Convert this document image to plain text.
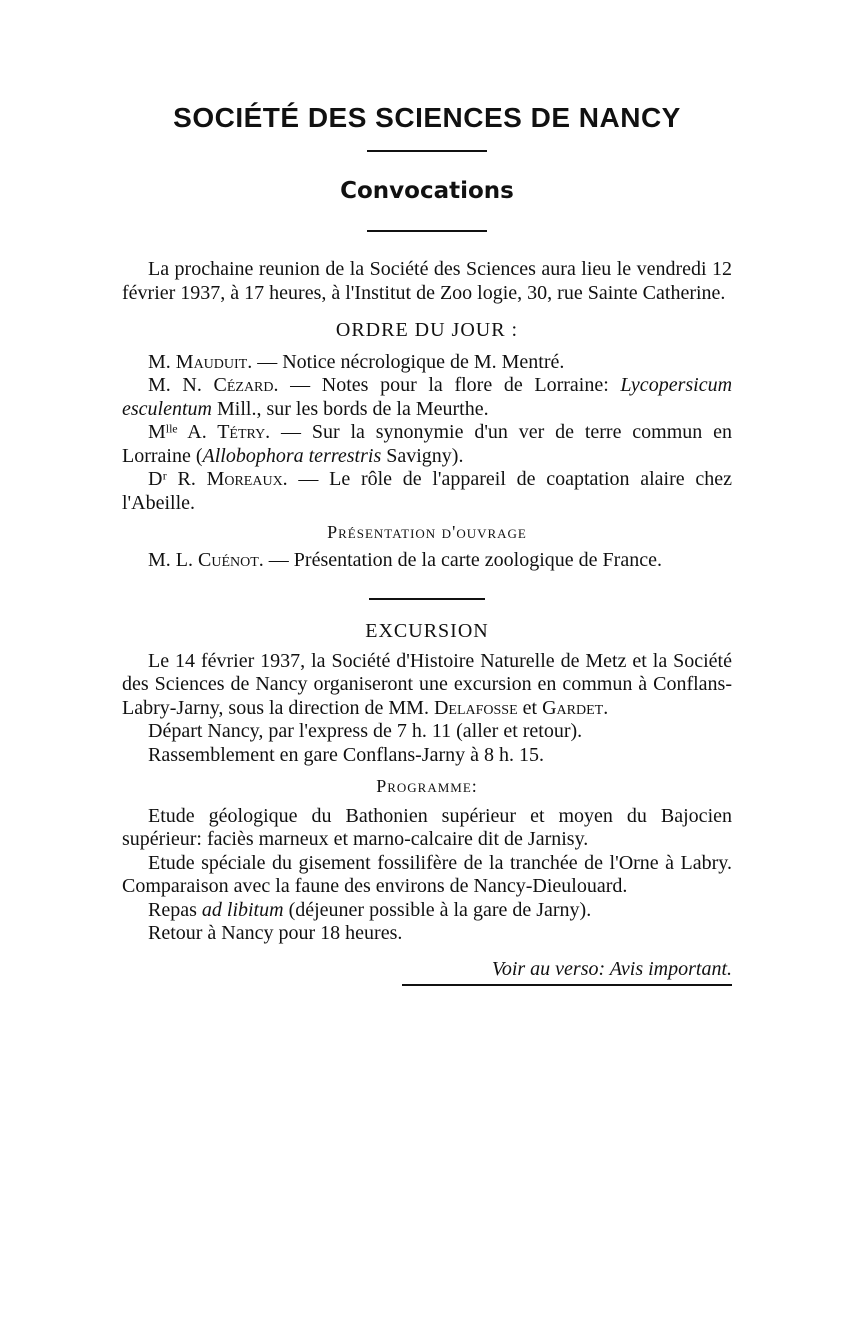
SOCIÉTÉ DES SCIENCES DE NANCY
Convocations

La prochaine reunion de la Société des Sciences aura lieu le vendredi 12 février 1937, à 17 heures, à l'Institut de Zoo logie, 30, rue Sainte Catherine.

ORDRE DU JOUR :

M. Mauduit. — Notice nécrologique de M. Mentré.

M. N. Cézard. — Notes pour la flore de Lorraine: Lycopersicum esculentum Mill., sur les bords de la Meurthe.

Mˡˡᵉ A. Tétry. — Sur la synonymie d'un ver de terre commun en Lorraine (Allobophora terrestris Savigny).

Dʳ R. Moreaux. — Le rôle de l'appareil de coaptation alaire chez l'Abeille.

Présentation d'ouvrage

M. L. Cuénot. — Présentation de la carte zoologique de France.

EXCURSION

Le 14 février 1937, la Société d'Histoire Naturelle de Metz et la Société des Sciences de Nancy organiseront une excursion en commun à Conflans-Labry-Jarny, sous la direction de MM. Delafosse et Gardet.

Départ Nancy, par l'express de 7 h. 11 (aller et retour).

Rassemblement en gare Conflans-Jarny à 8 h. 15.

Programme:

Etude géologique du Bathonien supérieur et moyen du Bajocien supérieur: faciès marneux et marno-calcaire dit de Jarnisy.

Etude spéciale du gisement fossilifère de la tranchée de l'Orne à Labry. Comparaison avec la faune des environs de Nancy-Dieulouard.

Repas ad libitum (déjeuner possible à la gare de Jarny).

Retour à Nancy pour 18 heures.

Voir au verso: Avis important.
